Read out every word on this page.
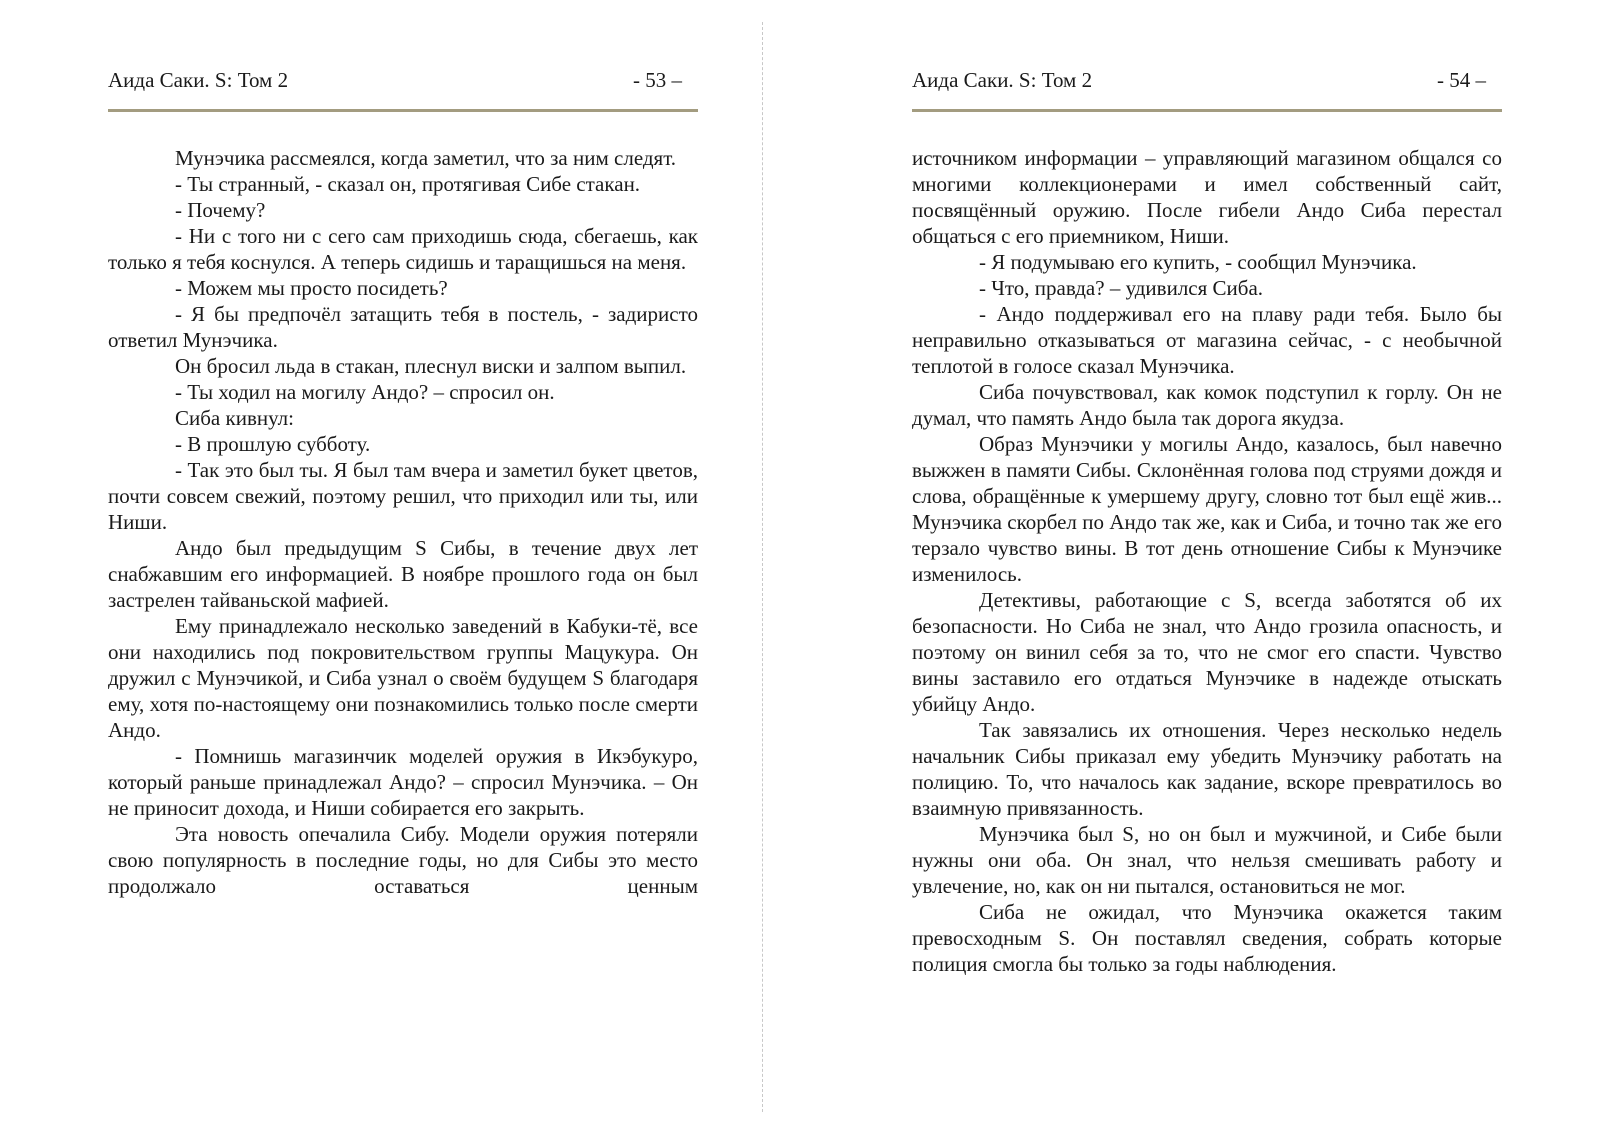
Аида Саки. S: Том 2	- 53 –

Мунэчика рассмеялся, когда заметил, что за ним следят.

- Ты странный, - сказал он, протягивая Сибе стакан.

- Почему?

- Ни с того ни с сего сам приходишь сюда, сбегаешь, как только я тебя коснулся. А теперь сидишь и таращишься на меня.

- Можем мы просто посидеть?

- Я бы предпочёл затащить тебя в постель, - задиристо ответил Мунэчика.

Он бросил льда в стакан, плеснул виски и залпом выпил.

- Ты ходил на могилу Андо? – спросил он.

Сиба кивнул:

- В прошлую субботу.

- Так это был ты. Я был там вчера и заметил букет цветов, почти совсем свежий, поэтому решил, что приходил или ты, или Ниши.

Андо был предыдущим S Сибы, в течение двух лет снабжавшим его информацией. В ноябре прошлого года он был застрелен тайваньской мафией.

Ему принадлежало несколько заведений в Кабуки-тё, все они находились под покровительством группы Мацукура. Он дружил с Мунэчикой, и Сиба узнал о своём будущем S благодаря ему, хотя по-настоящему они познакомились только после смерти Андо.

- Помнишь магазинчик моделей оружия в Икэбукуро, который раньше принадлежал Андо? – спросил Мунэчика. – Он не приносит дохода, и Ниши собирается его закрыть.

Эта новость опечалила Сибу. Модели оружия потеряли свою популярность в последние годы, но для Сибы это место продолжало оставаться ценным

Аида Саки. S: Том 2	- 54 –

источником информации – управляющий магазином общался со многими коллекционерами и имел собственный сайт, посвящённый оружию. После гибели Андо Сиба перестал общаться с его приемником, Ниши.

- Я подумываю его купить, - сообщил Мунэчика.

- Что, правда? – удивился Сиба.

- Андо поддерживал его на плаву ради тебя. Было бы неправильно отказываться от магазина сейчас, - с необычной теплотой в голосе сказал Мунэчика.

Сиба почувствовал, как комок подступил к горлу. Он не думал, что память Андо была так дорога якудза.

Образ Мунэчики у могилы Андо, казалось, был навечно выжжен в памяти Сибы. Склонённая голова под струями дождя и слова, обращённые к умершему другу, словно тот был ещё жив... Мунэчика скорбел по Андо так же, как и Сиба, и точно так же его терзало чувство вины. В тот день отношение Сибы к Мунэчике изменилось.

Детективы, работающие с S, всегда заботятся об их безопасности. Но Сиба не знал, что Андо грозила опасность, и поэтому он винил себя за то, что не смог его спасти. Чувство вины заставило его отдаться Мунэчике в надежде отыскать убийцу Андо.

Так завязались их отношения. Через несколько недель начальник Сибы приказал ему убедить Мунэчику работать на полицию. То, что началось как задание, вскоре превратилось во взаимную привязанность.

Мунэчика был S, но он был и мужчиной, и Сибе были нужны они оба. Он знал, что нельзя смешивать работу и увлечение, но, как он ни пытался, остановиться не мог.

Сиба не ожидал, что Мунэчика окажется таким превосходным S. Он поставлял сведения, собрать которые полиция смогла бы только за годы наблюдения.
